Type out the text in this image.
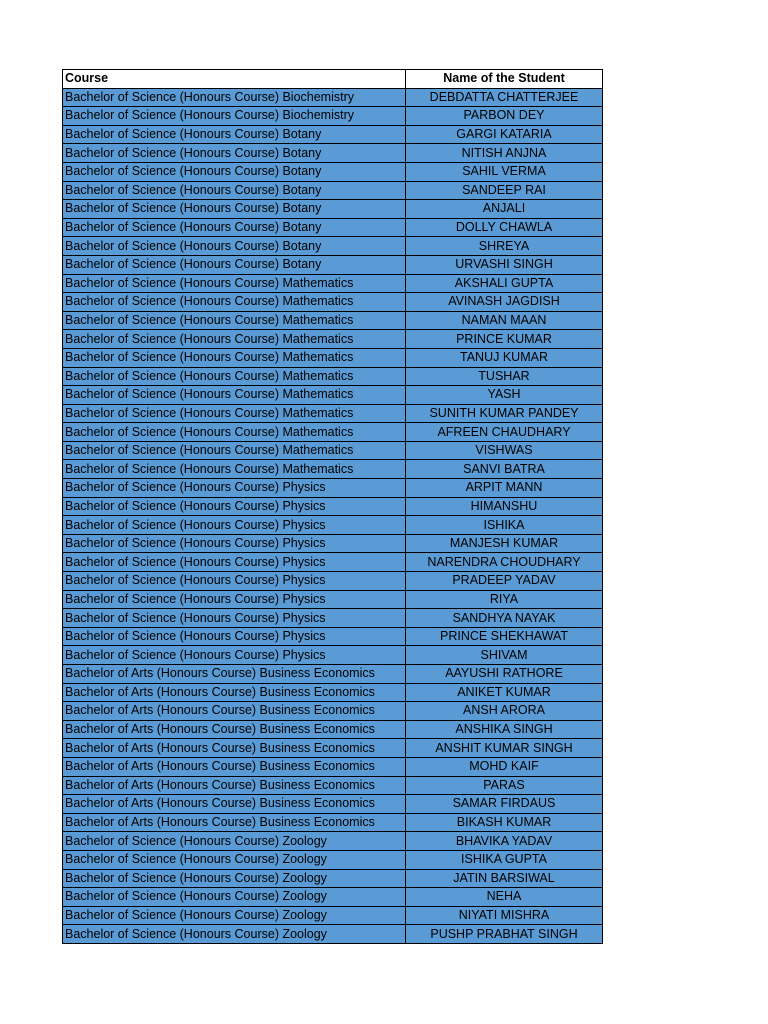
Course	Name of the Student
Bachelor of Science (Honours Course) Biochemistry	DEBDATTA CHATTERJEE
Bachelor of Science (Honours Course) Biochemistry	PARBON DEY
Bachelor of Science (Honours Course) Botany	GARGI KATARIA
Bachelor of Science (Honours Course) Botany	NITISH ANJNA
Bachelor of Science (Honours Course) Botany	SAHIL VERMA
Bachelor of Science (Honours Course) Botany	SANDEEP RAI
Bachelor of Science (Honours Course) Botany	ANJALI
Bachelor of Science (Honours Course) Botany	DOLLY CHAWLA
Bachelor of Science (Honours Course) Botany	SHREYA
Bachelor of Science (Honours Course) Botany	URVASHI SINGH
Bachelor of Science (Honours Course) Mathematics	AKSHALI GUPTA
Bachelor of Science (Honours Course) Mathematics	AVINASH JAGDISH
Bachelor of Science (Honours Course) Mathematics	NAMAN MAAN
Bachelor of Science (Honours Course) Mathematics	PRINCE KUMAR
Bachelor of Science (Honours Course) Mathematics	TANUJ KUMAR
Bachelor of Science (Honours Course) Mathematics	TUSHAR
Bachelor of Science (Honours Course) Mathematics	YASH
Bachelor of Science (Honours Course) Mathematics	SUNITH KUMAR PANDEY
Bachelor of Science (Honours Course) Mathematics	AFREEN CHAUDHARY
Bachelor of Science (Honours Course) Mathematics	VISHWAS
Bachelor of Science (Honours Course) Mathematics	SANVI BATRA
Bachelor of Science (Honours Course) Physics	ARPIT MANN
Bachelor of Science (Honours Course) Physics	HIMANSHU
Bachelor of Science (Honours Course) Physics	ISHIKA
Bachelor of Science (Honours Course) Physics	MANJESH KUMAR
Bachelor of Science (Honours Course) Physics	NARENDRA CHOUDHARY
Bachelor of Science (Honours Course) Physics	PRADEEP YADAV
Bachelor of Science (Honours Course) Physics	RIYA
Bachelor of Science (Honours Course) Physics	SANDHYA NAYAK
Bachelor of Science (Honours Course) Physics	PRINCE SHEKHAWAT
Bachelor of Science (Honours Course) Physics	SHIVAM
Bachelor of Arts (Honours Course) Business Economics	AAYUSHI RATHORE
Bachelor of Arts (Honours Course) Business Economics	ANIKET KUMAR
Bachelor of Arts (Honours Course) Business Economics	ANSH ARORA
Bachelor of Arts (Honours Course) Business Economics	ANSHIKA SINGH
Bachelor of Arts (Honours Course) Business Economics	ANSHIT KUMAR SINGH
Bachelor of Arts (Honours Course) Business Economics	MOHD KAIF
Bachelor of Arts (Honours Course) Business Economics	PARAS
Bachelor of Arts (Honours Course) Business Economics	SAMAR FIRDAUS
Bachelor of Arts (Honours Course) Business Economics	BIKASH KUMAR
Bachelor of Science (Honours Course) Zoology	BHAVIKA YADAV
Bachelor of Science (Honours Course) Zoology	ISHIKA GUPTA
Bachelor of Science (Honours Course) Zoology	JATIN BARSIWAL
Bachelor of Science (Honours Course) Zoology	NEHA
Bachelor of Science (Honours Course) Zoology	NIYATI MISHRA
Bachelor of Science (Honours Course) Zoology	PUSHP PRABHAT SINGH
